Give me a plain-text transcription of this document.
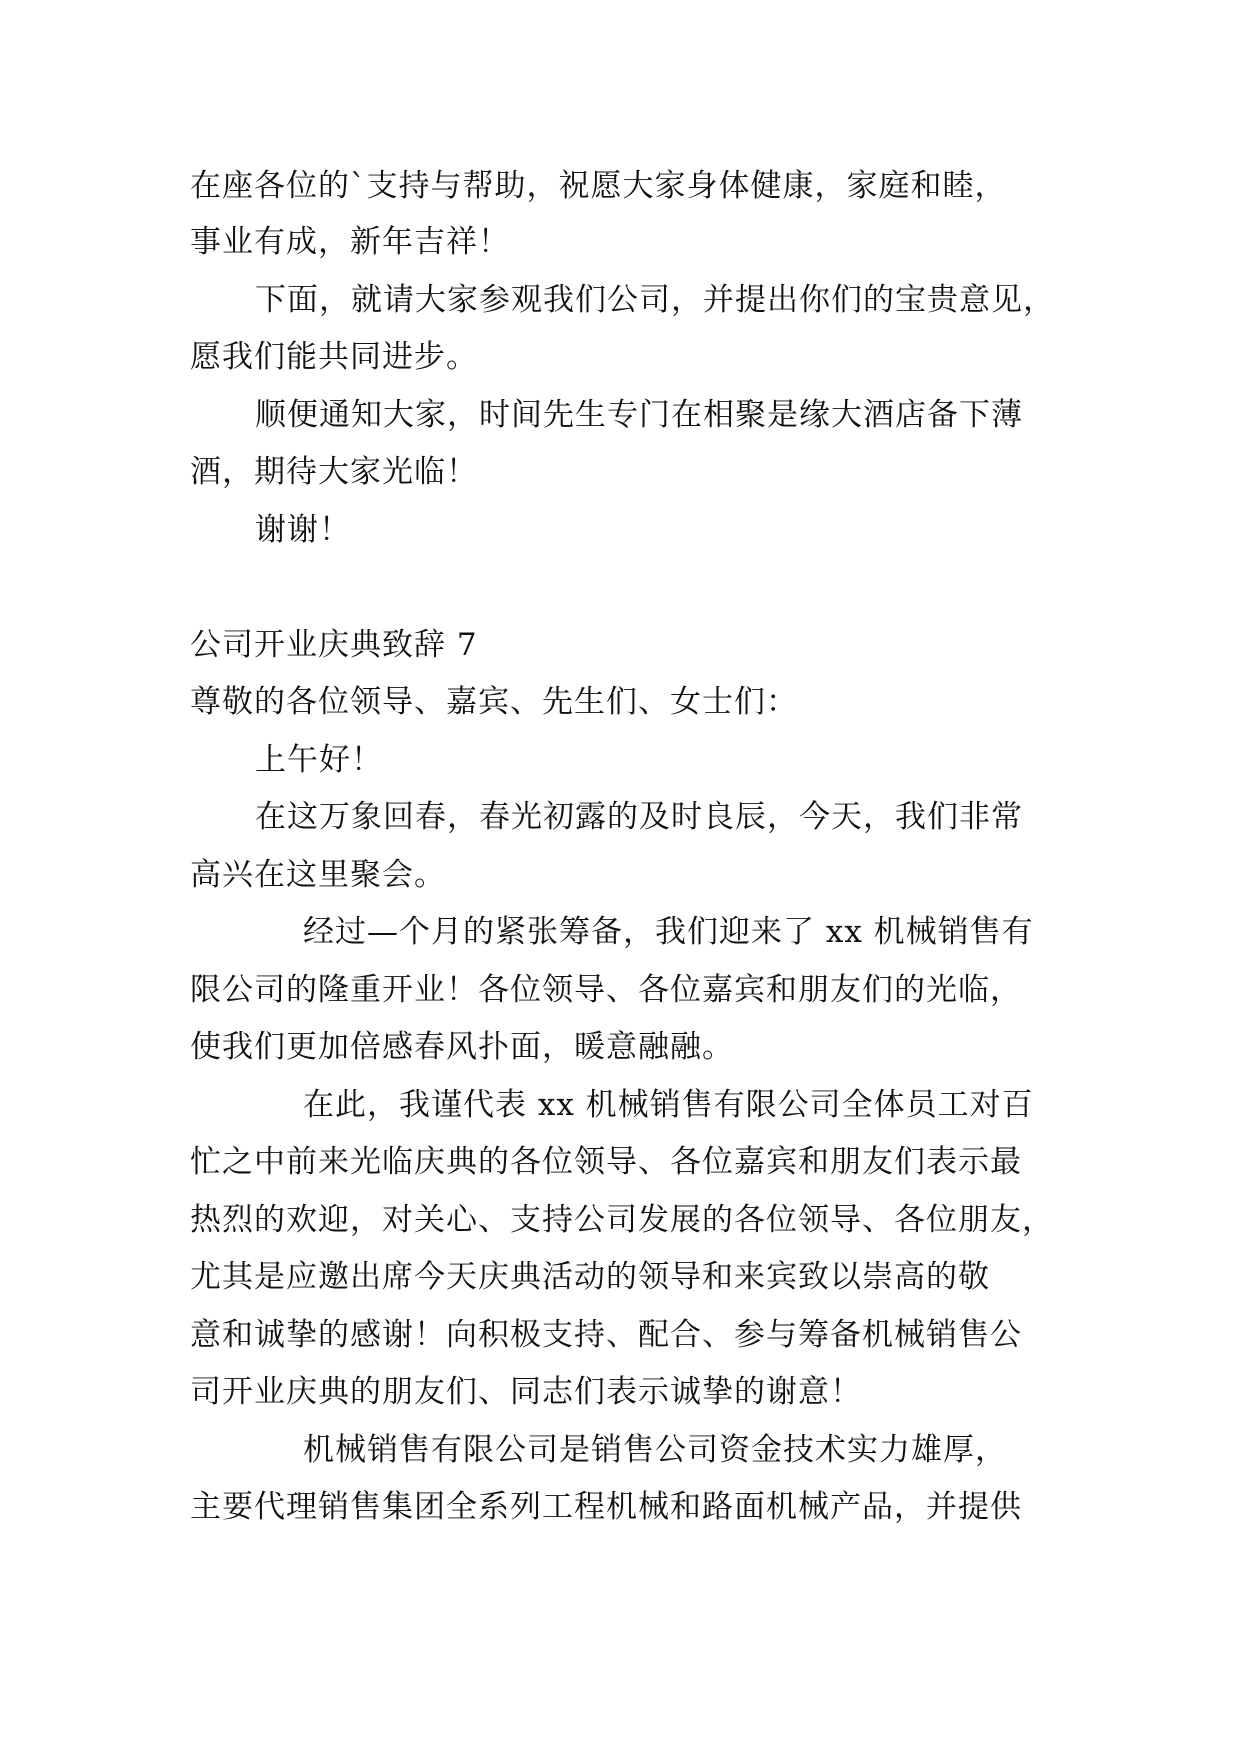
在座各位的`支持与帮助，祝愿大家身体健康，家庭和睦，
事业有成，新年吉祥！
下面，就请大家参观我们公司，并提出你们的宝贵意见，
愿我们能共同进步。
顺便通知大家，时间先生专门在相聚是缘大酒店备下薄
酒，期待大家光临！
谢谢！
公司开业庆典致辞 7
尊敬的各位领导、嘉宾、先生们、女士们：
上午好！
在这万象回春，春光初露的及时良辰，今天，我们非常
高兴在这里聚会。
经过—个月的紧张筹备，我们迎来了 xx 机械销售有
限公司的隆重开业！各位领导、各位嘉宾和朋友们的光临，
使我们更加倍感春风扑面，暖意融融。
在此，我谨代表 xx 机械销售有限公司全体员工对百
忙之中前来光临庆典的各位领导、各位嘉宾和朋友们表示最
热烈的欢迎，对关心、支持公司发展的各位领导、各位朋友，
尤其是应邀出席今天庆典活动的领导和来宾致以崇高的敬
意和诚挚的感谢！向积极支持、配合、参与筹备机械销售公
司开业庆典的朋友们、同志们表示诚挚的谢意！
机械销售有限公司是销售公司资金技术实力雄厚，
主要代理销售集团全系列工程机械和路面机械产品，并提供
